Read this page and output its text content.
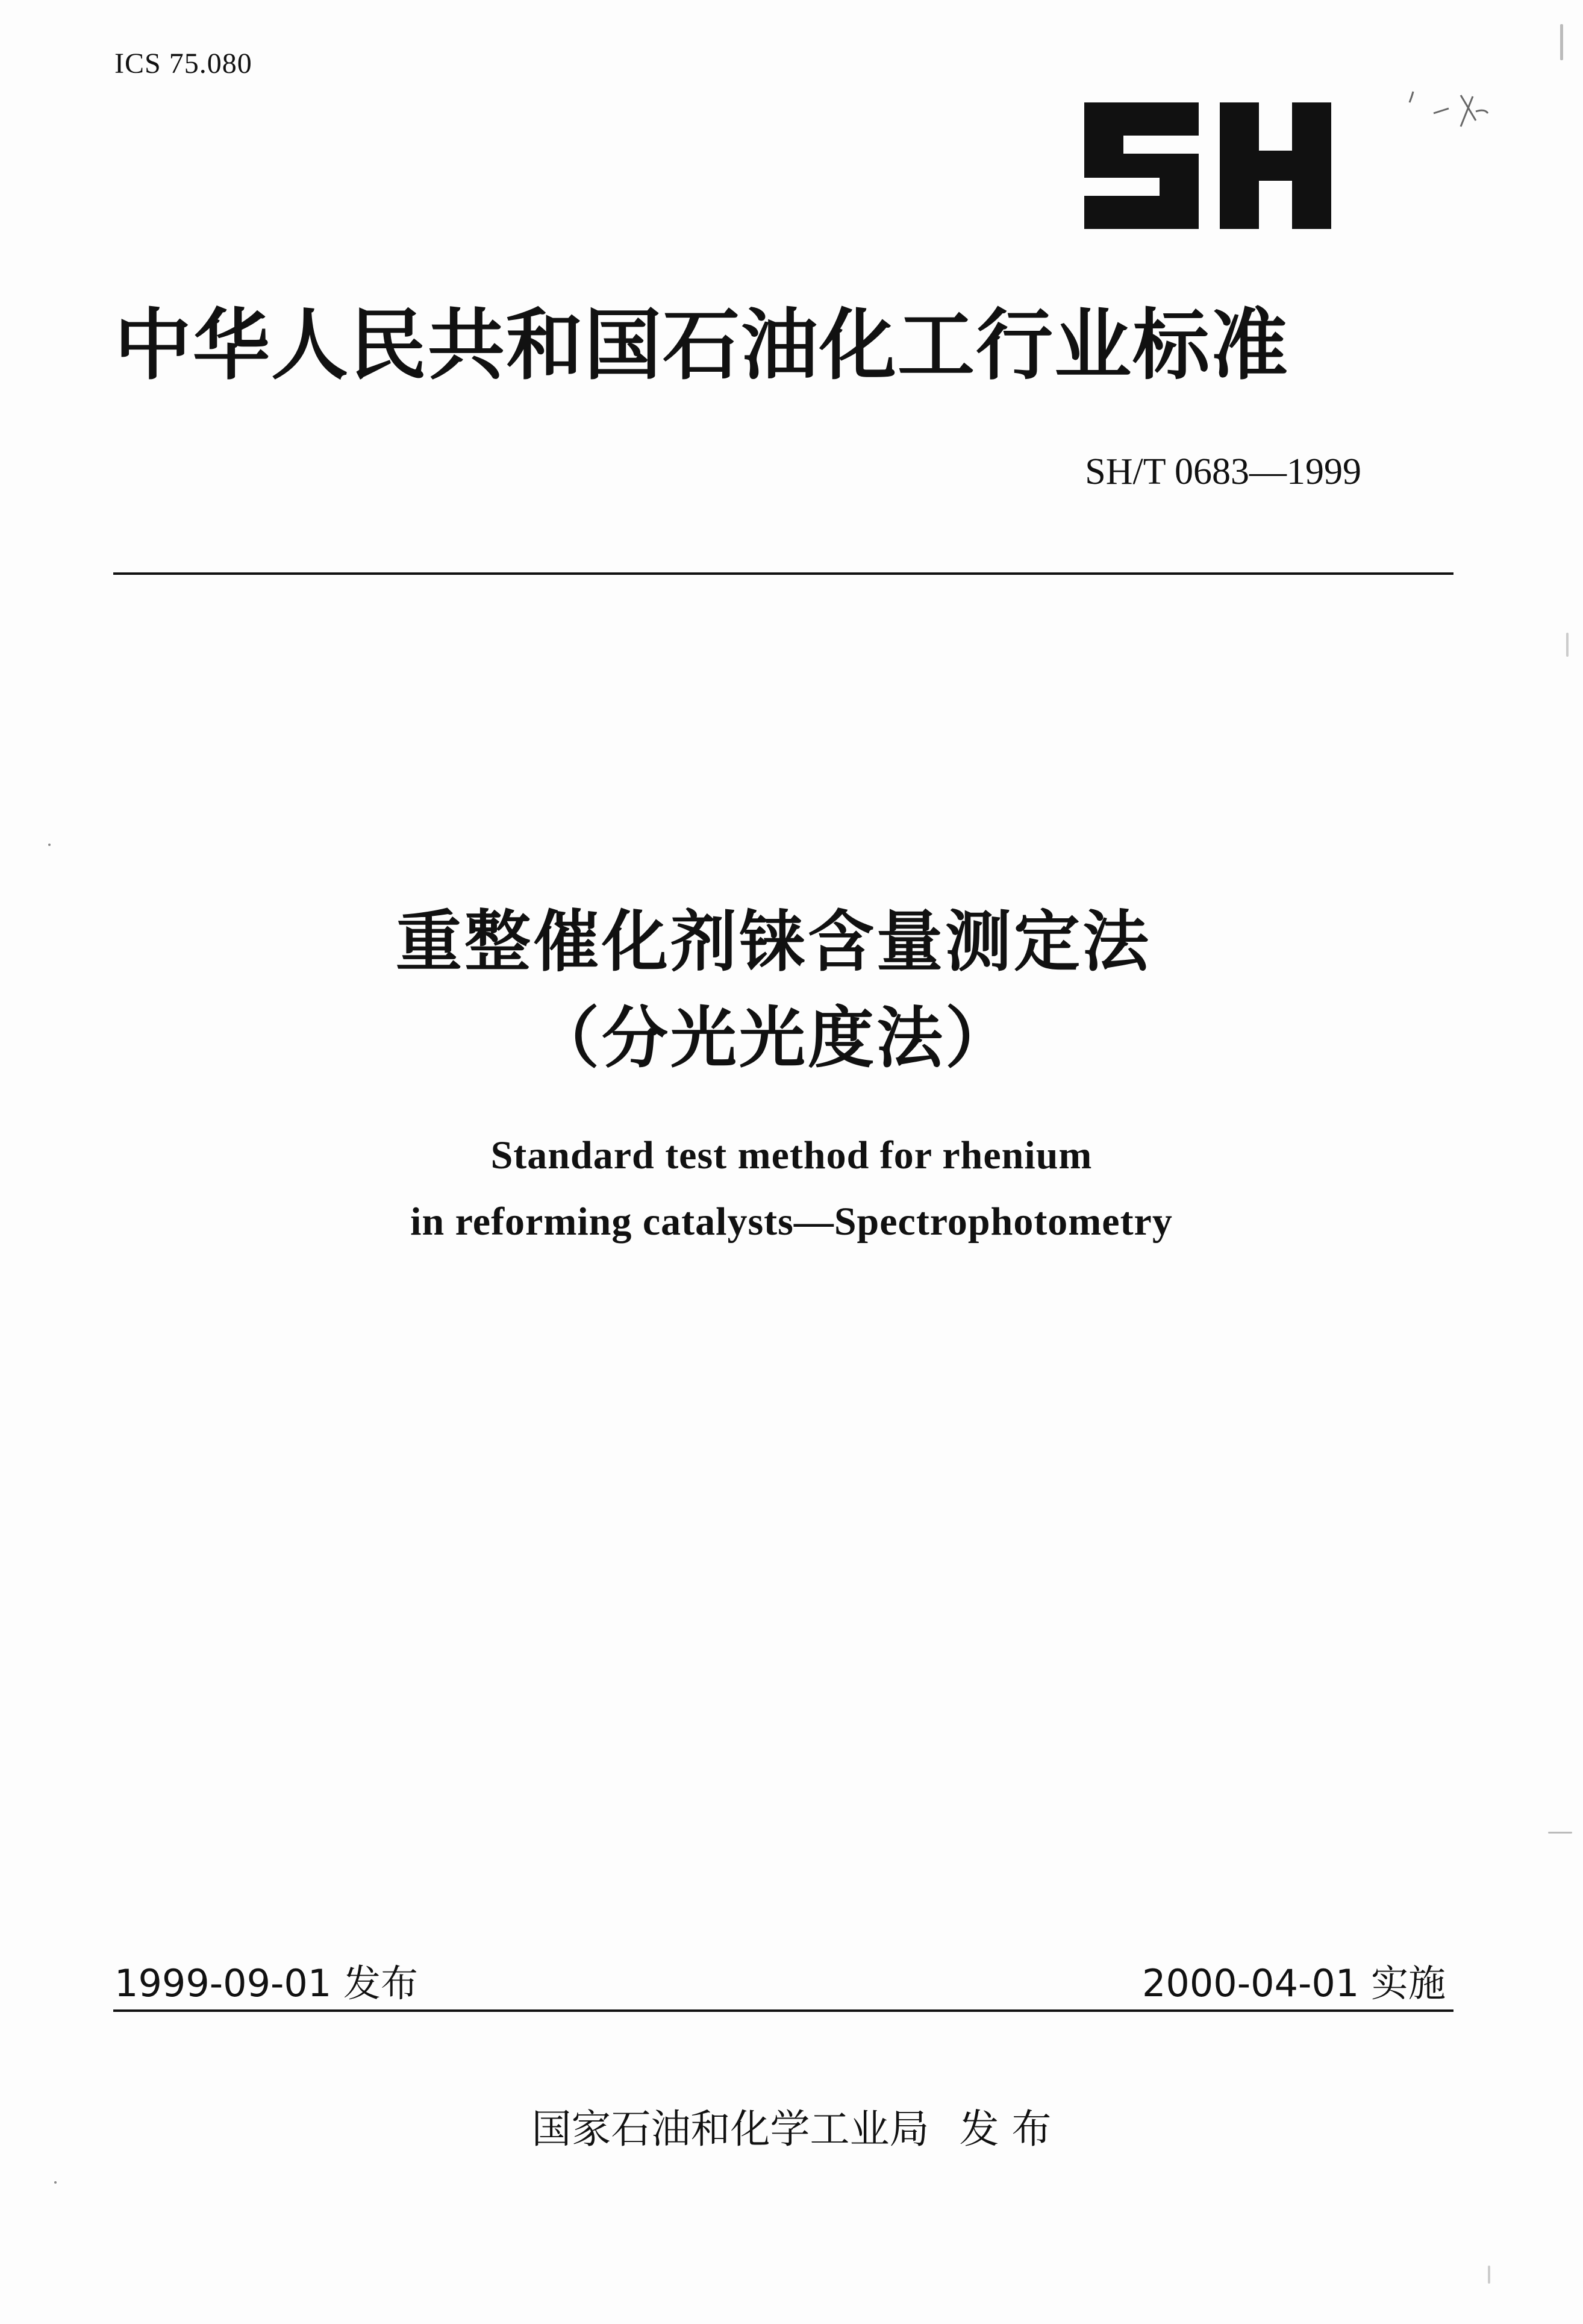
ICS 75.080
中华人民共和国石油化工行业标准
SH/T 0683—1999
重整催化剂铼含量测定法
（分光光度法）
Standard test method for rhenium
in reforming catalysts—Spectrophotometry
1999-09-01 发布	2000-04-01 实施
国家石油和化学工业局 发 布
